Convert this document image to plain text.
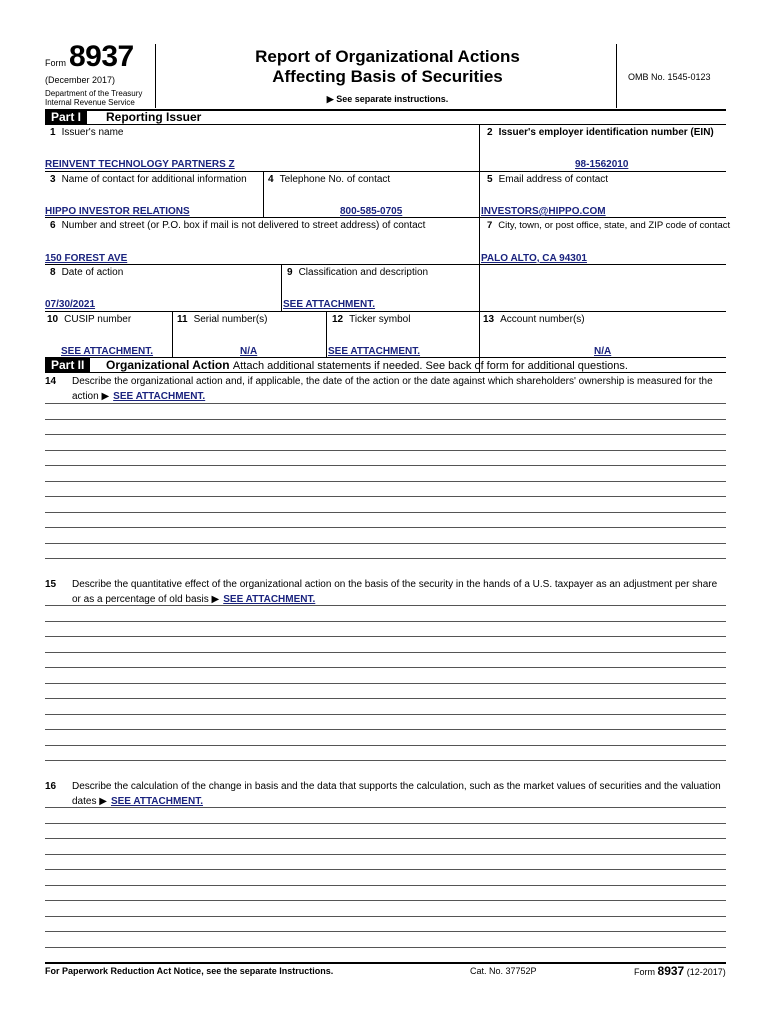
Form 8937
(December 2017)
Department of the Treasury
Internal Revenue Service
Report of Organizational Actions
Affecting Basis of Securities
▶ See separate instructions.
OMB No. 1545-0123
Part I	Reporting Issuer
1 Issuer's name	2 Issuer's employer identification number (EIN)
REINVENT TECHNOLOGY PARTNERS Z	98-1562010
3 Name of contact for additional information 4 Telephone No. of contact	5 Email address of contact
HIPPO INVESTOR RELATIONS	800-585-0705	INVESTORS@HIPPO.COM
6 Number and street (or P.O. box if mail is not delivered to street address) of contact	7 City, town, or post office, state, and ZIP code of contact
150 FOREST AVE	PALO ALTO, CA 94301
8 Date of action	9 Classification and description
07/30/2021	SEE ATTACHMENT.
10 CUSIP number	11 Serial number(s)	12 Ticker symbol	13 Account number(s)
SEE ATTACHMENT.	N/A	SEE ATTACHMENT.	N/A
Part II	Organizational Action Attach additional statements if needed. See back of form for additional questions.
14 Describe the organizational action and, if applicable, the date of the action or the date against which shareholders' ownership is measured for the action ▶ SEE ATTACHMENT.
15 Describe the quantitative effect of the organizational action on the basis of the security in the hands of a U.S. taxpayer as an adjustment per share or as a percentage of old basis ▶ SEE ATTACHMENT.
16 Describe the calculation of the change in basis and the data that supports the calculation, such as the market values of securities and the valuation dates ▶ SEE ATTACHMENT.
For Paperwork Reduction Act Notice, see the separate Instructions.	Cat. No. 37752P	Form 8937 (12-2017)
